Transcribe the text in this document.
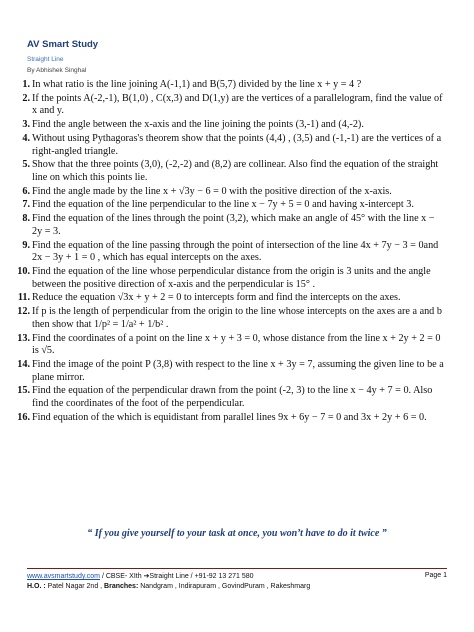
AV Smart Study
Straight Line
By Abhishek Singhal
1. In what ratio is the line joining A(-1,1) and B(5,7) divided by the line x + y = 4 ?
2. If the points A(-2,-1), B(1,0) , C(x,3) and D(1,y) are the vertices of a parallelogram, find the value of x and y.
3. Find the angle between the x-axis and the line joining the points (3,-1) and (4,-2).
4. Without using Pythagoras's theorem show that the points (4,4) , (3,5) and (-1,-1) are the vertices of a right-angled triangle.
5. Show that the three points (3,0), (-2,-2) and (8,2) are collinear. Also find the equation of the straight line on which this points lie.
6. Find the angle made by the line x + √3y − 6 = 0 with the positive direction of the x-axis.
7. Find the equation of the line perpendicular to the line x − 7y + 5 = 0 and having x-intercept 3.
8. Find the equation of the lines through the point (3,2), which make an angle of 45° with the line x − 2y = 3.
9. Find the equation of the line passing through the point of intersection of the line 4x + 7y − 3 = 0and 2x − 3y + 1 = 0 , which has equal intercepts on the axes.
10. Find the equation of the line whose perpendicular distance from the origin is 3 units and the angle between the positive direction of x-axis and the perpendicular is 15° .
11. Reduce the equation √3x + y + 2 = 0 to intercepts form and find the intercepts on the axes.
12. If p is the length of perpendicular from the origin to the line whose intercepts on the axes are a and b then show that 1/p² = 1/a² + 1/b² .
13. Find the coordinates of a point on the line x + y + 3 = 0, whose distance from the line x + 2y + 2 = 0 is √5.
14. Find the image of the point P (3,8) with respect to the line x + 3y = 7, assuming the given line to be a plane mirror.
15. Find the equation of the perpendicular drawn from the point (-2, 3) to the line x − 4y + 7 = 0. Also find the coordinates of the foot of the perpendicular.
16. Find equation of the which is equidistant from parallel lines 9x + 6y − 7 = 0 and 3x + 2y + 6 = 0.
“ If you give yourself to your task at once, you won’t have to do it twice ”
www.avsmartstudy.com / CBSE- XIth ➔Straight Line / +91-92 13 271 580	Page 1
H.O. : Patel Nagar 2nd , Branches: Nandgram , Indirapuram , GovindPuram , Rakeshmarg
